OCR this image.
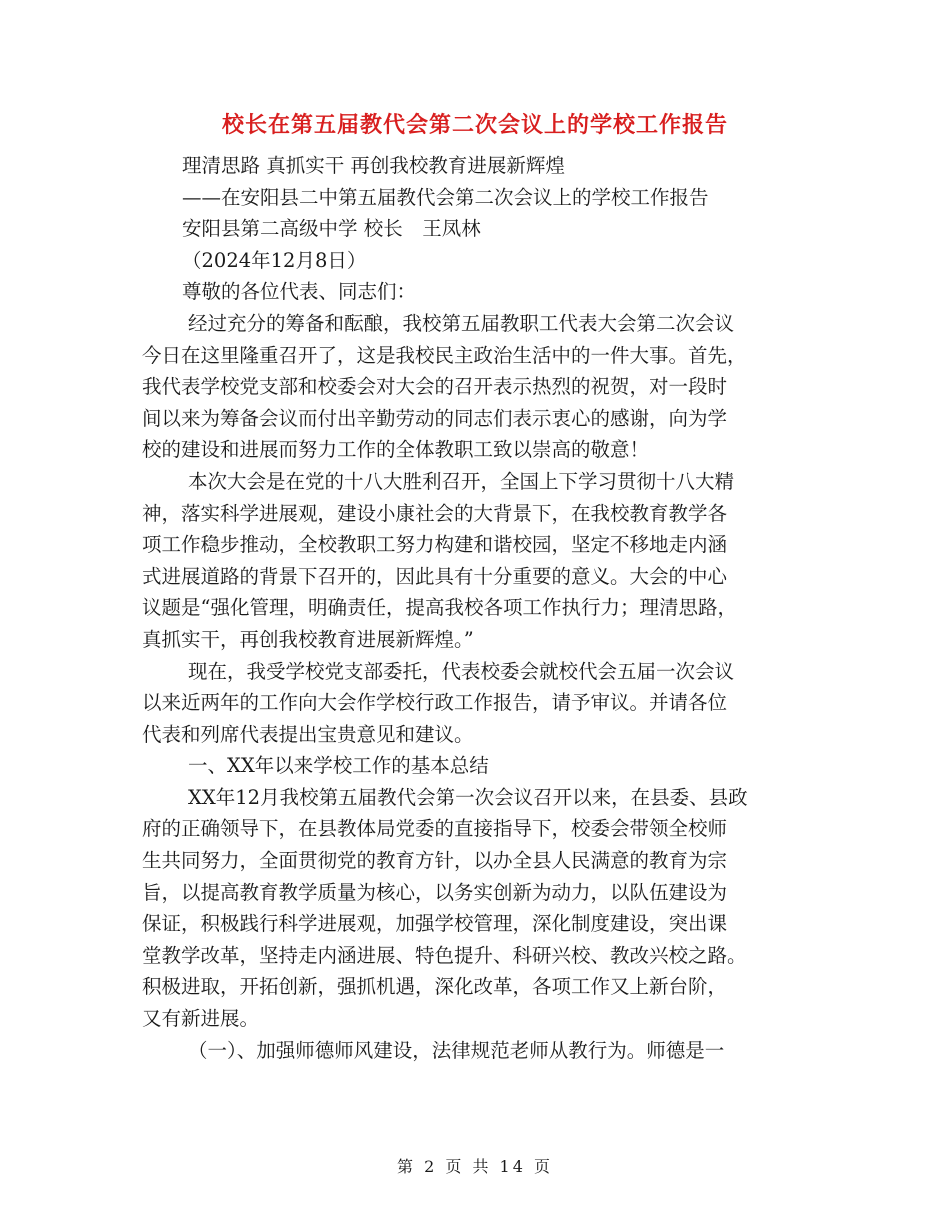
校长在第五届教代会第二次会议上的学校工作报告
理清思路 真抓实干 再创我校教育进展新辉煌
——在安阳县二中第五届教代会第二次会议上的学校工作报告
安阳县第二高级中学 校长　王凤林
（2024年12月8日）
尊敬的各位代表、同志们：
经过充分的筹备和酝酿，我校第五届教职工代表大会第二次会议
今日在这里隆重召开了，这是我校民主政治生活中的一件大事。首先，
我代表学校党支部和校委会对大会的召开表示热烈的祝贺，对一段时
间以来为筹备会议而付出辛勤劳动的同志们表示衷心的感谢，向为学
校的建设和进展而努力工作的全体教职工致以崇高的敬意！
本次大会是在党的十八大胜利召开，全国上下学习贯彻十八大精
神，落实科学进展观，建设小康社会的大背景下，在我校教育教学各
项工作稳步推动，全校教职工努力构建和谐校园，坚定不移地走内涵
式进展道路的背景下召开的，因此具有十分重要的意义。大会的中心
议题是“强化管理，明确责任，提高我校各项工作执行力；理清思路，
真抓实干，再创我校教育进展新辉煌。”
现在，我受学校党支部委托，代表校委会就校代会五届一次会议
以来近两年的工作向大会作学校行政工作报告，请予审议。并请各位
代表和列席代表提出宝贵意见和建议。
一、XX年以来学校工作的基本总结
XX年12月我校第五届教代会第一次会议召开以来，在县委、县政
府的正确领导下，在县教体局党委的直接指导下，校委会带领全校师
生共同努力，全面贯彻党的教育方针，以办全县人民满意的教育为宗
旨，以提高教育教学质量为核心，以务实创新为动力，以队伍建设为
保证，积极践行科学进展观，加强学校管理，深化制度建设，突出课
堂教学改革，坚持走内涵进展、特色提升、科研兴校、教改兴校之路。
积极进取，开拓创新，强抓机遇，深化改革，各项工作又上新台阶，
又有新进展。
（一）、加强师德师风建设，法律规范老师从教行为。师德是一
第 2 页 共 14 页
